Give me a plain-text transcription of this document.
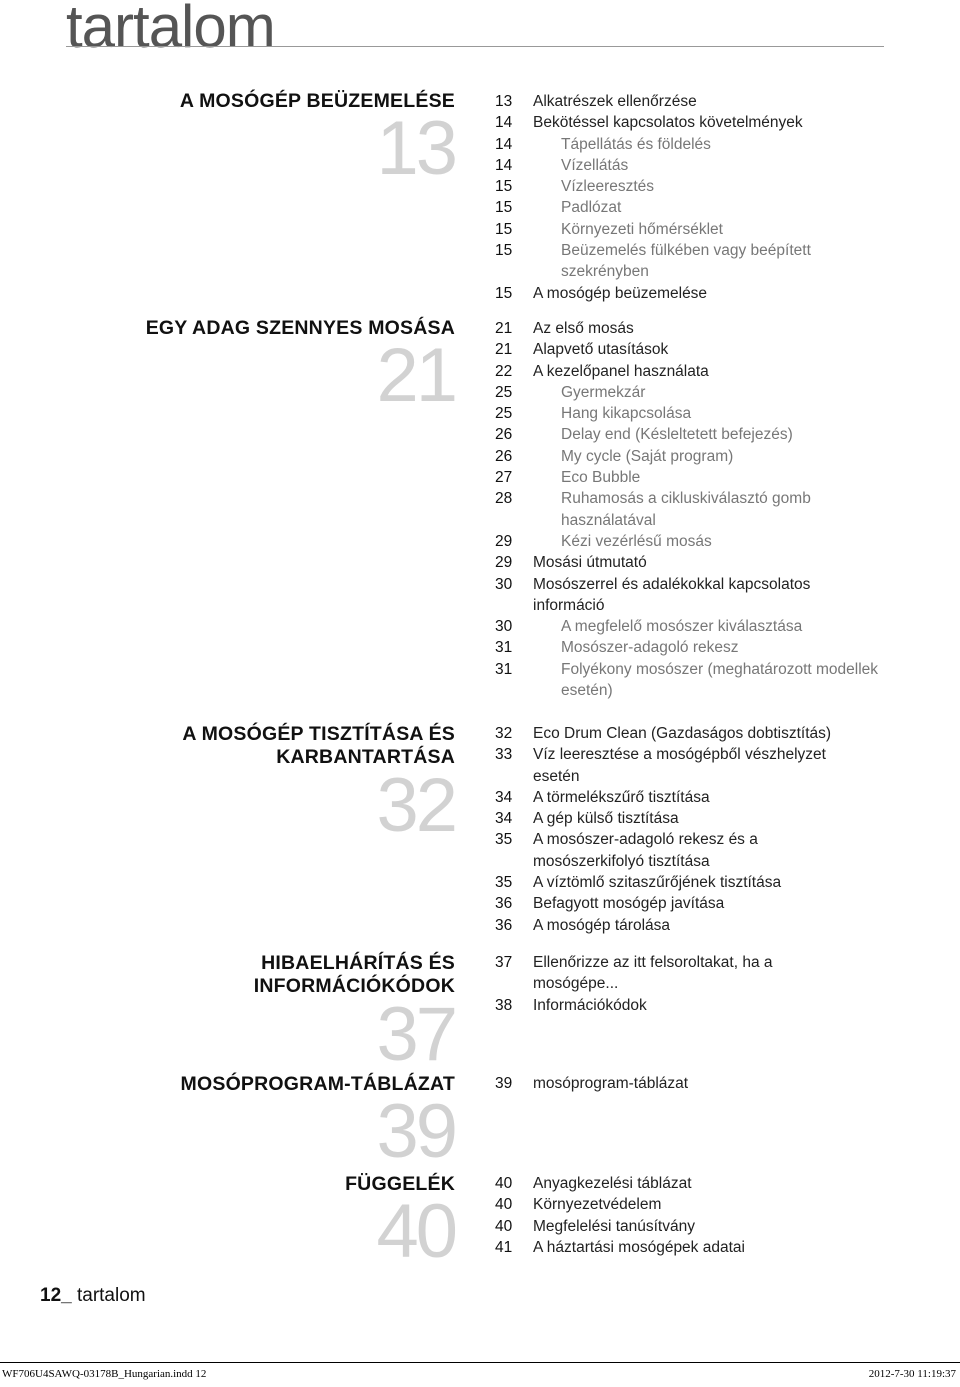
tartalom
A MOSÓGÉP BEÜZEMELÉSE
13
13	Alkatrészek ellenőrzése
14	Bekötéssel kapcsolatos követelmények
14	Tápellátás és földelés
14	Vízellátás
15	Vízleeresztés
15	Padlózat
15	Környezeti hőmérséklet
15	Beüzemelés fülkében vagy beépített
szekrényben
15	A mosógép beüzemelése
EGY ADAG SZENNYES MOSÁSA
21
21	Az első mosás
21	Alapvető utasítások
22	A kezelőpanel használata
25	Gyermekzár
25	Hang kikapcsolása
26	Delay end (Késleltetett befejezés)
26	My cycle (Saját program)
27	Eco Bubble
28	Ruhamosás a cikluskiválasztó gomb
használatával
29	Kézi vezérlésű mosás
29	Mosási útmutató
30	Mosószerrel és adalékokkal kapcsolatos
információ
30	A megfelelő mosószer kiválasztása
31	Mosószer-adagoló rekesz
31	Folyékony mosószer (meghatározott modellek
esetén)
A MOSÓGÉP TISZTÍTÁSA ÉS
KARBANTARTÁSA
32
32	Eco Drum Clean (Gazdaságos dobtisztítás)
33	Víz leeresztése a mosógépből vészhelyzet
esetén
34	A törmelékszűrő tisztítása
34	A gép külső tisztítása
35	A mosószer-adagoló rekesz és a
mosószerkifolyó tisztítása
35	A víztömlő szitaszűrőjének tisztítása
36	Befagyott mosógép javítása
36	A mosógép tárolása
HIBAELHÁRÍTÁS ÉS
INFORMÁCIÓKÓDOK
37
37	Ellenőrizze az itt felsoroltakat, ha a
mosógépe...
38	Információkódok
MOSÓPROGRAM-TÁBLÁZAT
39
39	mosóprogram-táblázat
FÜGGELÉK
40
40	Anyagkezelési táblázat
40	Környezetvédelem
40	Megfelelési tanúsítvány
41	A háztartási mosógépek adatai
12_ tartalom
WF706U4SAWQ-03178B_Hungarian.indd 12	2012-7-30 11:19:37
